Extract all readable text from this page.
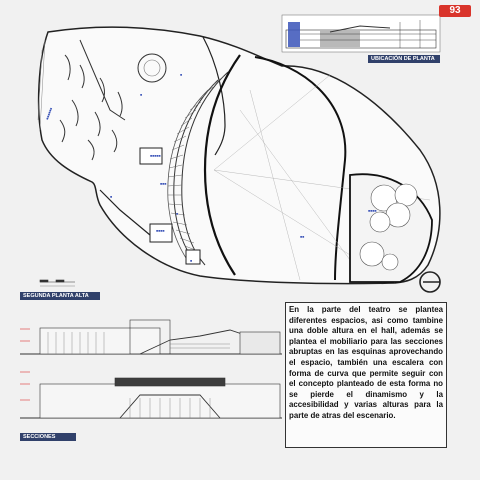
■■■■■■
■■■■■
■■■
■■■■
■■
■■■■
■
■
■
■
■
93
UBICACIÓN DE PLANTA
SEGUNDA PLANTA ALTA
SECCIONES
En la parte del teatro se plantea diferentes espacios, asi como tambine una doble altura en el hall, además se plantea el mobiliario para las secciones abruptas en las esquinas aprovechando el espacio, también una escalera con forma de curva que permite seguir con el concepto planteado de esta forma no se pierde el dinamismo y la accesibilidad y varias alturas para la parte de atras del escenario.
